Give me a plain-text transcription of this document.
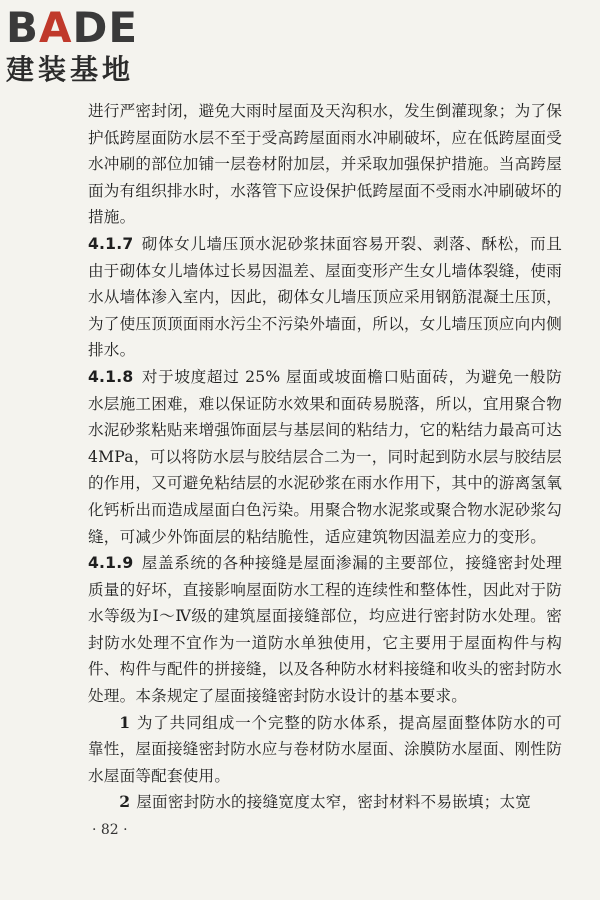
BADE
建装基地

进行严密封闭，避免大雨时屋面及天沟积水，发生倒灌现象；为了保护低跨屋面防水层不至于受高跨屋面雨水冲刷破坏，应在低跨屋面受水冲刷的部位加铺一层卷材附加层，并采取加强保护措施。当高跨屋面为有组织排水时，水落管下应设保护低跨屋面不受雨水冲刷破坏的措施。

4.1.7 砌体女儿墙压顶水泥砂浆抹面容易开裂、剥落、酥松，而且由于砌体女儿墙体过长易因温差、屋面变形产生女儿墙体裂缝，使雨水从墙体渗入室内，因此，砌体女儿墙压顶应采用钢筋混凝土压顶，为了使压顶顶面雨水污尘不污染外墙面，所以，女儿墙压顶应向内侧排水。

4.1.8 对于坡度超过 25% 屋面或坡面檐口贴面砖，为避免一般防水层施工困难，难以保证防水效果和面砖易脱落，所以，宜用聚合物水泥砂浆粘贴来增强饰面层与基层间的粘结力，它的粘结力最高可达 4MPa，可以将防水层与胶结层合二为一，同时起到防水层与胶结层的作用，又可避免粘结层的水泥砂浆在雨水作用下，其中的游离氢氧化钙析出而造成屋面白色污染。用聚合物水泥浆或聚合物水泥砂浆勾缝，可减少外饰面层的粘结脆性，适应建筑物因温差应力的变形。

4.1.9 屋盖系统的各种接缝是屋面渗漏的主要部位，接缝密封处理质量的好坏，直接影响屋面防水工程的连续性和整体性，因此对于防水等级为Ⅰ～Ⅳ级的建筑屋面接缝部位，均应进行密封防水处理。密封防水处理不宜作为一道防水单独使用，它主要用于屋面构件与构件、构件与配件的拼接缝，以及各种防水材料接缝和收头的密封防水处理。本条规定了屋面接缝密封防水设计的基本要求。

1 为了共同组成一个完整的防水体系，提高屋面整体防水的可靠性，屋面接缝密封防水应与卷材防水屋面、涂膜防水屋面、刚性防水屋面等配套使用。

2 屋面密封防水的接缝宽度太窄，密封材料不易嵌填；太宽

· 82 ·
